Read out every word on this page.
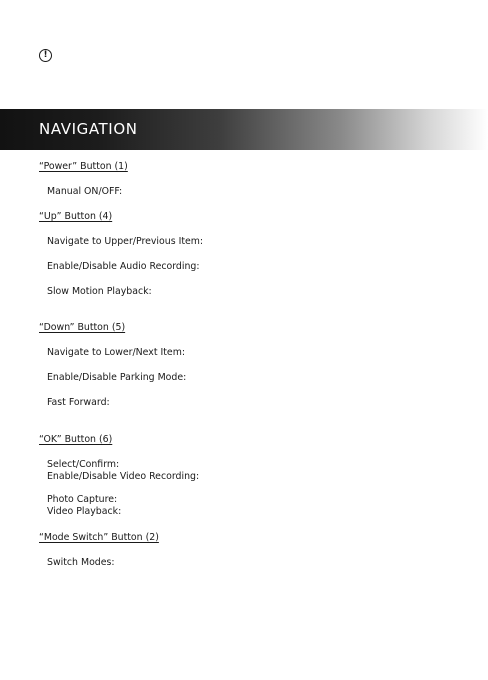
!
NAVIGATION
“Power” Button (1)
Manual ON/OFF:
“Up” Button (4)
Navigate to Upper/Previous Item:
Enable/Disable Audio Recording:
Slow Motion Playback:
“Down” Button (5)
Navigate to Lower/Next Item:
Enable/Disable Parking Mode:
Fast Forward:
“OK” Button (6)
Select/Confirm:
Enable/Disable Video Recording:
Photo Capture:
Video Playback:
“Mode Switch” Button (2)
Switch Modes:
